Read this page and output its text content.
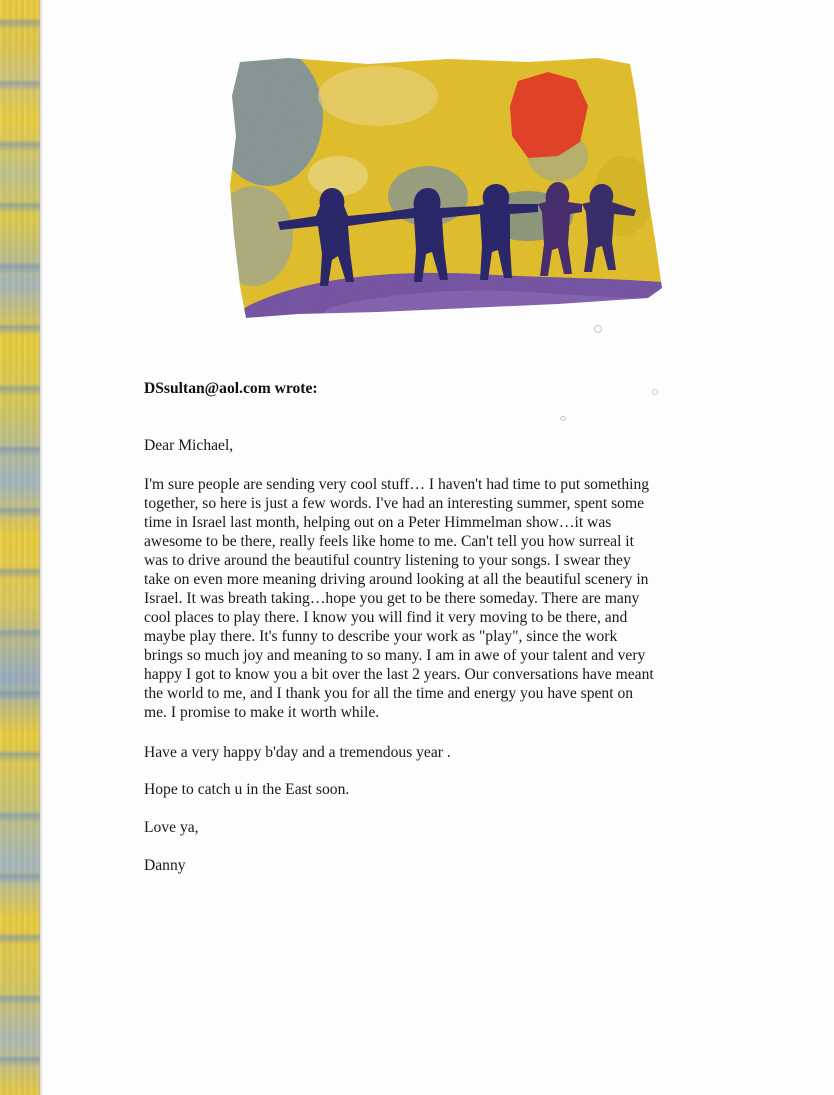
DSsultan@aol.com wrote:
Dear Michael,
I'm sure people are sending very cool stuff… I haven't had time to put something
together, so here is just a few words. I've had an interesting summer, spent some
time in Israel last month, helping out on a Peter Himmelman show…it was
awesome to be there, really feels like home to me. Can't tell you how surreal it
was to drive around the beautiful country listening to your songs. I swear they
take on even more meaning driving around looking at all the beautiful scenery in
Israel. It was breath taking…hope you get to be there someday. There are many
cool places to play there. I know you will find it very moving to be there, and
maybe play there. It's funny to describe your work as "play", since the work
brings so much joy and meaning to so many. I am in awe of your talent and very
happy I got to know you a bit over the last 2 years. Our conversations have meant
the world to me, and I thank you for all the time and energy you have spent on
me. I promise to make it worth while.
Have a very happy b'day and a tremendous year .
Hope to catch u in the East soon.
Love ya,
Danny
